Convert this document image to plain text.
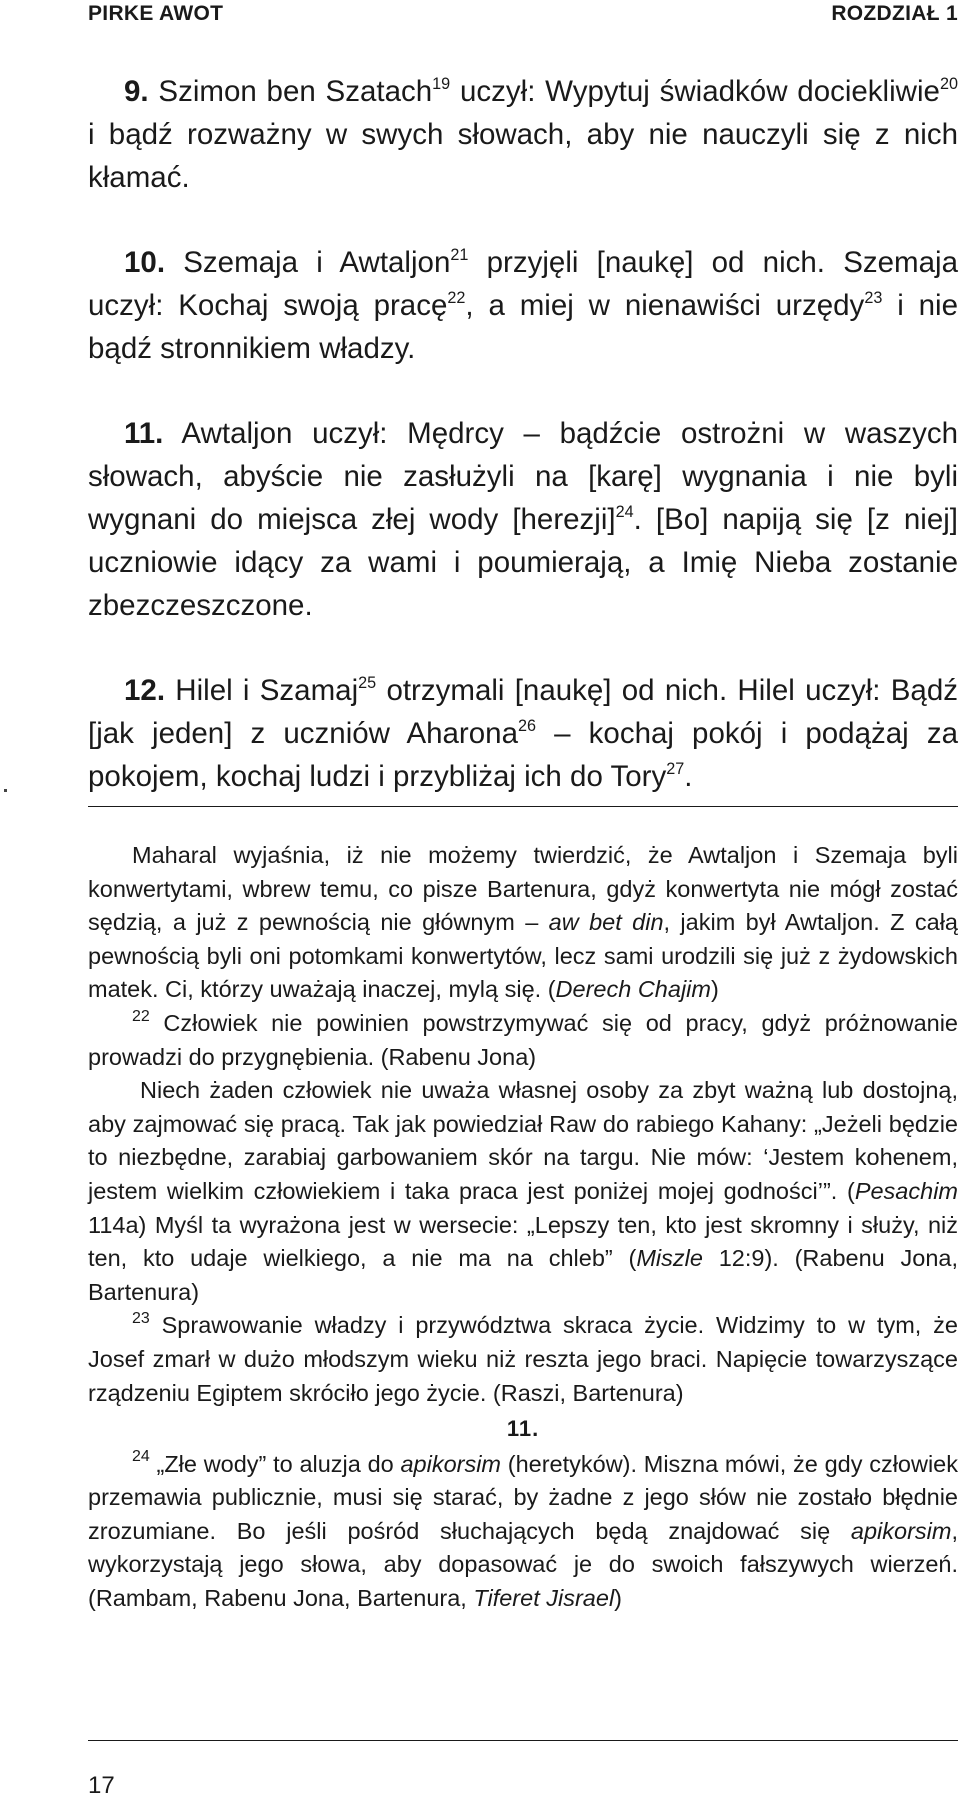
PIRKE AWOT	ROZDZIAŁ 1

9. Szimon ben Szatach$^{19}$ uczył: Wypytuj świadków dociekliwie$^{20}$ i bądź rozważny w swych słowach, aby nie nauczyli się z nich kłamać.

10. Szemaja i Awtaljon$^{21}$ przyjęli [naukę] od nich. Szemaja uczył: Kochaj swoją pracę$^{22}$, a miej w nienawiści urzędy$^{23}$ i nie bądź stronnikiem władzy.

11. Awtaljon uczył: Mędrcy – bądźcie ostrożni w waszych słowach, abyście nie zasłużyli na [karę] wygnania i nie byli wygnani do miejsca złej wody [herezji]$^{24}$. [Bo] napiją się [z niej] uczniowie idący za wami i poumierają, a Imię Nieba zostanie zbezczeszczone.

12. Hilel i Szamaj$^{25}$ otrzymali [naukę] od nich. Hilel uczył: Bądź [jak jeden] z uczniów Aharona$^{26}$ – kochaj pokój i podążaj za pokojem, kochaj ludzi i przybliżaj ich do Tory$^{27}$.

Maharal wyjaśnia, iż nie możemy twierdzić, że Awtaljon i Szemaja byli konwertytami, wbrew temu, co pisze Bartenura, gdyż konwertyta nie mógł zostać sędzią, a już z pewnością nie głównym – aw bet din, jakim był Awtaljon. Z całą pewnością byli oni potomkami konwertytów, lecz sami urodzili się już z żydowskich matek. Ci, którzy uważają inaczej, mylą się. (Derech Chajim)

$^{22}$ Człowiek nie powinien powstrzymywać się od pracy, gdyż próżnowanie prowadzi do przygnębienia. (Rabenu Jona)

Niech żaden człowiek nie uważa własnej osoby za zbyt ważną lub dostojną, aby zajmować się pracą. Tak jak powiedział Raw do rabiego Kahany: „Jeżeli będzie to niezbędne, zarabiaj garbowaniem skór na targu. Nie mów: ‘Jestem kohenem, jestem wielkim człowiekiem i taka praca jest poniżej mojej godności’”. (Pesachim 114a) Myśl ta wyrażona jest w wersecie: „Lepszy ten, kto jest skromny i służy, niż ten, kto udaje wielkiego, a nie ma na chleb” (Miszle 12:9). (Rabenu Jona, Bartenura)

$^{23}$ Sprawowanie władzy i przywództwa skraca życie. Widzimy to w tym, że Josef zmarł w dużo młodszym wieku niż reszta jego braci. Napięcie towarzyszące rządzeniu Egiptem skróciło jego życie. (Raszi, Bartenura)

11.

$^{24}$ „Złe wody” to aluzja do apikorsim (heretyków). Miszna mówi, że gdy człowiek przemawia publicznie, musi się starać, by żadne z jego słów nie zostało błędnie zrozumiane. Bo jeśli pośród słuchających będą znajdować się apikorsim, wykorzystają jego słowa, aby dopasować je do swoich fałszywych wierzeń. (Rambam, Rabenu Jona, Bartenura, Tiferet Jisrael)

17
